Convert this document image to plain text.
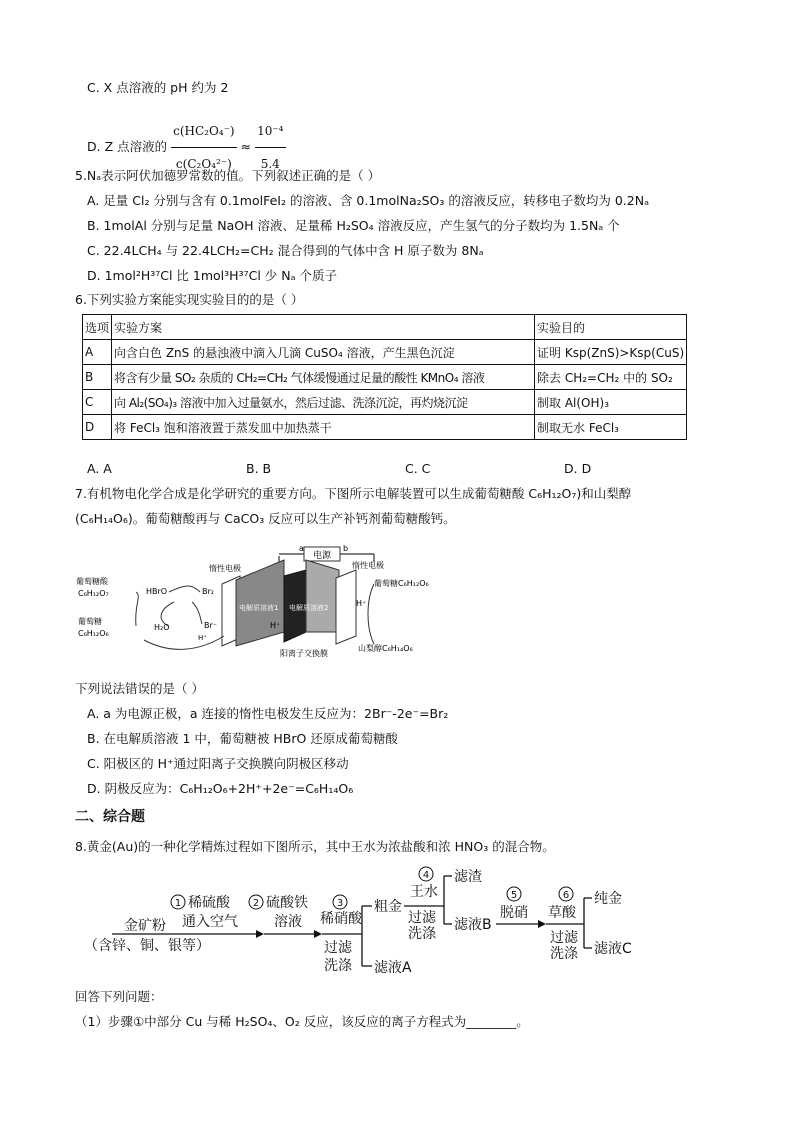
C. X 点溶液的 pH 约为 2
D. Z 点溶液的 $\frac{\text{c(HC₂O₄⁻)}}{\text{c(C₂O₄²⁻)}} \approx \frac{\text{10⁻⁴}}{5.4}$
5.Nₐ表示阿伏加德罗常数的值。下列叙述正确的是（ ）
A. 足量 Cl₂ 分别与含有 0.1molFeI₂ 的溶液、含 0.1molNa₂SO₃ 的溶液反应，转移电子数均为 0.2Nₐ
B. 1molAl 分别与足量 NaOH 溶液、足量稀 H₂SO₄ 溶液反应，产生氢气的分子数均为 1.5Nₐ 个
C. 22.4LCH₄ 与 22.4LCH₂=CH₂ 混合得到的气体中含 H 原子数为 8Nₐ
D. 1mol²H³⁷Cl 比 1mol³H³⁷Cl 少 Nₐ 个质子
6.下列实验方案能实现实验目的的是（ ）
选项	实验方案	实验目的
A	向含白色 ZnS 的悬浊液中滴入几滴 CuSO₄ 溶液，产生黑色沉淀	证明 Ksp(ZnS)>Ksp(CuS)
B	将含有少量 SO₂ 杂质的 CH₂=CH₂ 气体缓慢通过足量的酸性 KMnO₄ 溶液	除去 CH₂=CH₂ 中的 SO₂
C	向 Al₂(SO₄)₃ 溶液中加入过量氨水，然后过滤、洗涤沉淀，再灼烧沉淀	制取 Al(OH)₃
D	将 FeCl₃ 饱和溶液置于蒸发皿中加热蒸干	制取无水 FeCl₃
A. A	B. B	C. C	D. D
7.有机物电化学合成是化学研究的重要方向。下图所示电解装置可以生成葡萄糖酸 C₆H₁₂O₇)和山梨醇
(C₆H₁₄O₆)。葡萄糖酸再与 CaCO₃ 反应可以生产补钙剂葡萄糖酸钙。
电源
a	b
惰性电极	惰性电极
电解质溶液1 电解质溶液2
H⁺
H⁺
阳离子交换膜
葡萄糖酸
C₆H₁₂O₇
葡萄糖
C₆H₁₂O₆
HBrO	Br₂
H₂O	Br⁻
H⁺
葡萄糖C₆H₁₂O₆
山梨醇C₆H₁₄O₆
下列说法错误的是（ ）
A. a 为电源正极，a 连接的惰性电极发生反应为：2Br⁻-2e⁻=Br₂
B. 在电解质溶液 1 中，葡萄糖被 HBrO 还原成葡萄糖酸
C. 阳极区的 H⁺通过阳离子交换膜向阴极区移动
D. 阴极反应为：C₆H₁₂O₆+2H⁺+2e⁻=C₆H₁₄O₆
二、综合题
8.黄金(Au)的一种化学精炼过程如下图所示，其中王水为浓盐酸和浓 HNO₃ 的混合物。
金矿粉
（含锌、铜、银等）
1 稀硫酸
通入空气
2 硫酸铁
溶液
3
稀硝酸
过滤
洗涤
粗金
滤液A
4
王水
过滤
洗涤
滤渣
滤液B
5
脱硝
6
草酸
过滤
洗涤
纯金
滤液C
回答下列问题：
（1）步骤①中部分 Cu 与稀 H₂SO₄、O₂ 反应，该反应的离子方程式为________。
